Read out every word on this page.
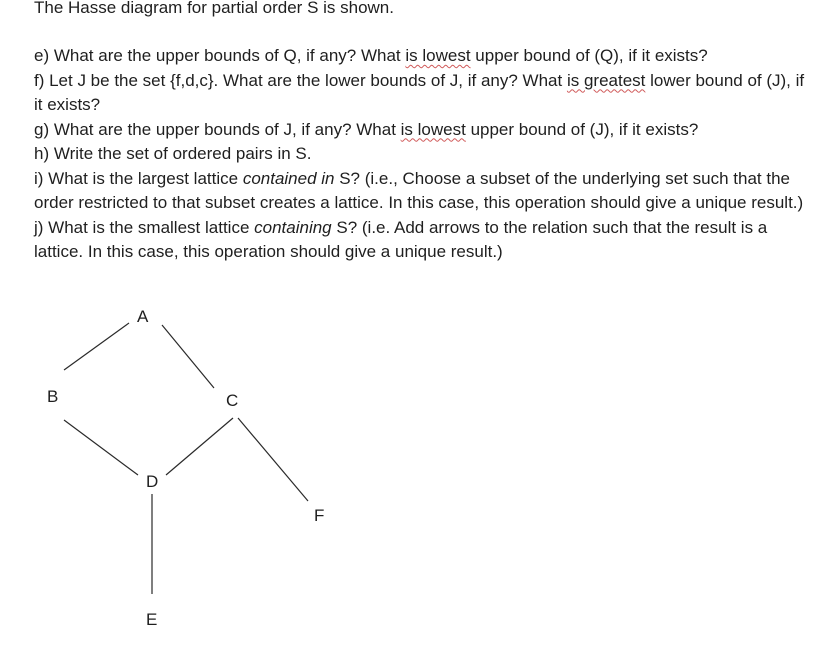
The Hasse diagram for partial order S is shown.

e) What are the upper bounds of Q, if any? What is lowest upper bound of (Q), if it exists?

f) Let J be the set {f,d,c}. What are the lower bounds of J, if any? What is greatest lower bound of (J), if it exists?

g) What are the upper bounds of J, if any? What is lowest upper bound of (J), if it exists?

h) Write the set of ordered pairs in S.

i) What is the largest lattice contained in S? (i.e., Choose a subset of the underlying set such that the order restricted to that subset creates a lattice. In this case, this operation should give a unique result.)

j) What is the smallest lattice containing S? (i.e. Add arrows to the relation such that the result is a lattice. In this case, this operation should give a unique result.)

A
B	C
D
F
E
